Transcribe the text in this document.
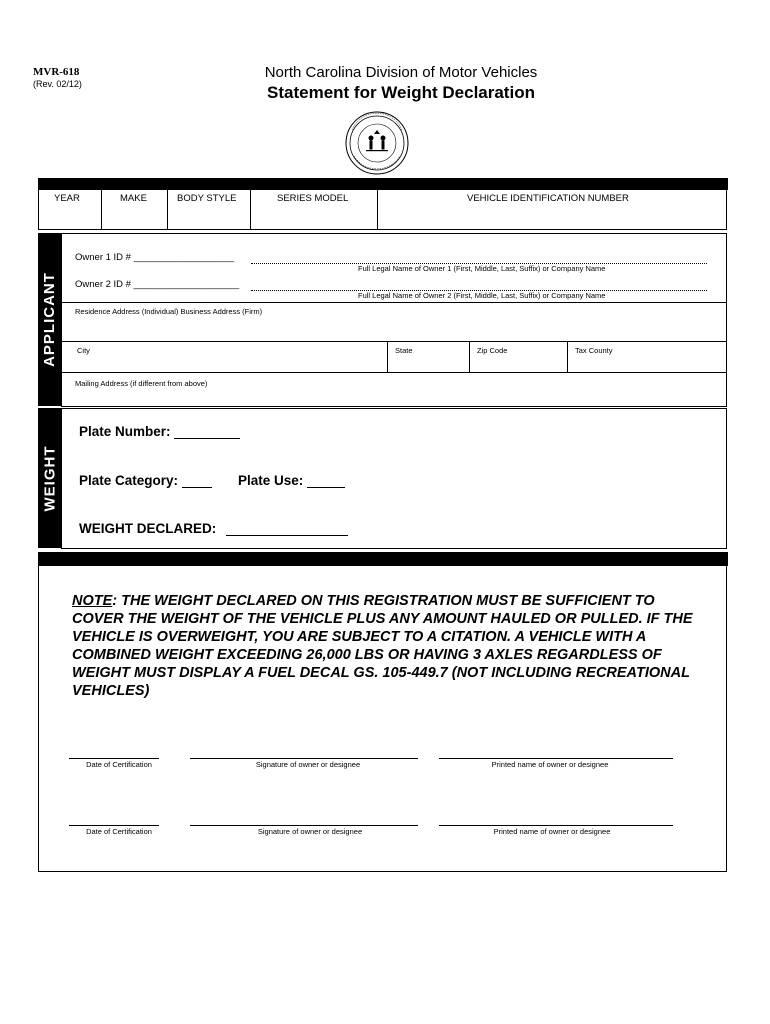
MVR-618
(Rev. 02/12)
North Carolina Division of Motor Vehicles
Statement for Weight Declaration
YEAR	MAKE	BODY STYLE	SERIES MODEL	VEHICLE IDENTIFICATION NUMBER
APPLICANT
Owner 1 ID # ___________________
Full Legal Name of Owner 1 (First, Middle, Last, Suffix) or Company Name
Owner 2 ID # ____________________
Full Legal Name of Owner 2 (First, Middle, Last, Suffix) or Company Name
Residence Address (Individual) Business Address (Firm)
City	State	Zip Code	Tax County
Mailing Address (if different from above)
WEIGHT
Plate Number:
Plate Category:	Plate Use:
WEIGHT DECLARED:
NOTE: THE WEIGHT DECLARED ON THIS REGISTRATION MUST BE SUFFICIENT TO COVER THE WEIGHT OF THE VEHICLE PLUS ANY AMOUNT HAULED OR PULLED. IF THE VEHICLE IS OVERWEIGHT, YOU ARE SUBJECT TO A CITATION. A VEHICLE WITH A COMBINED WEIGHT EXCEEDING 26,000 LBS OR HAVING 3 AXLES REGARDLESS OF WEIGHT MUST DISPLAY A FUEL DECAL GS. 105-449.7 (NOT INCLUDING RECREATIONAL VEHICLES)
Date of Certification	Signature of owner or designee	Printed name of owner or designee
Date of Certification	Signature of owner or designee	Printed name of owner or designee
